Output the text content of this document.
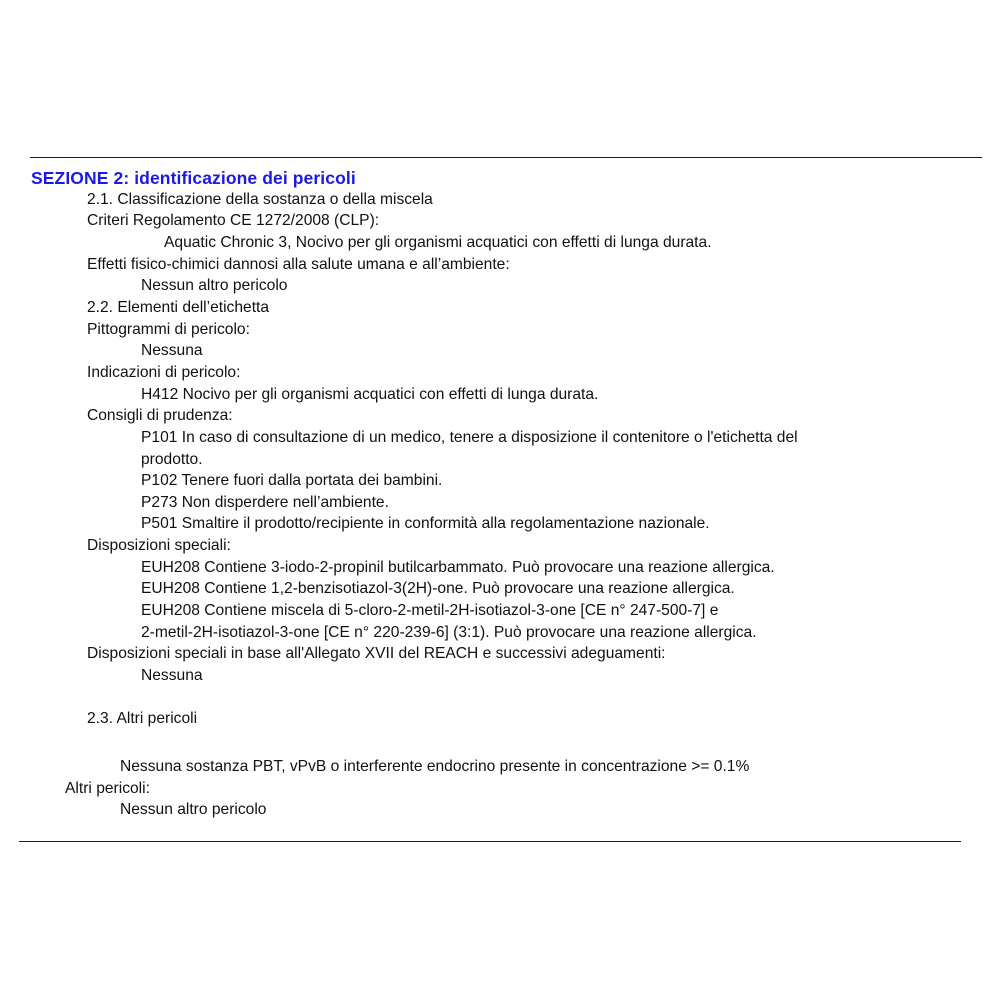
SEZIONE 2: identificazione dei pericoli
2.1. Classificazione della sostanza o della miscela
Criteri Regolamento CE 1272/2008 (CLP):
Aquatic Chronic 3, Nocivo per gli organismi acquatici con effetti di lunga durata.
Effetti fisico-chimici dannosi alla salute umana e all’ambiente:
Nessun altro pericolo
2.2. Elementi dell’etichetta
Pittogrammi di pericolo:
Nessuna
Indicazioni di pericolo:
H412 Nocivo per gli organismi acquatici con effetti di lunga durata.
Consigli di prudenza:
P101 In caso di consultazione di un medico, tenere a disposizione il contenitore o l'etichetta del
prodotto.
P102 Tenere fuori dalla portata dei bambini.
P273 Non disperdere nell’ambiente.
P501 Smaltire il prodotto/recipiente in conformità alla regolamentazione nazionale.
Disposizioni speciali:
EUH208 Contiene 3-iodo-2-propinil butilcarbammato. Può provocare una reazione allergica.
EUH208 Contiene 1,2-benzisotiazol-3(2H)-one. Può provocare una reazione allergica.
EUH208 Contiene miscela di 5-cloro-2-metil-2H-isotiazol-3-one [CE n° 247-500-7] e
2-metil-2H-isotiazol-3-one [CE n° 220-239-6] (3:1). Può provocare una reazione allergica.
Disposizioni speciali in base all'Allegato XVII del REACH e successivi adeguamenti:
Nessuna
2.3. Altri pericoli
Nessuna sostanza PBT, vPvB o interferente endocrino presente in concentrazione >= 0.1%
Altri pericoli:
Nessun altro pericolo
